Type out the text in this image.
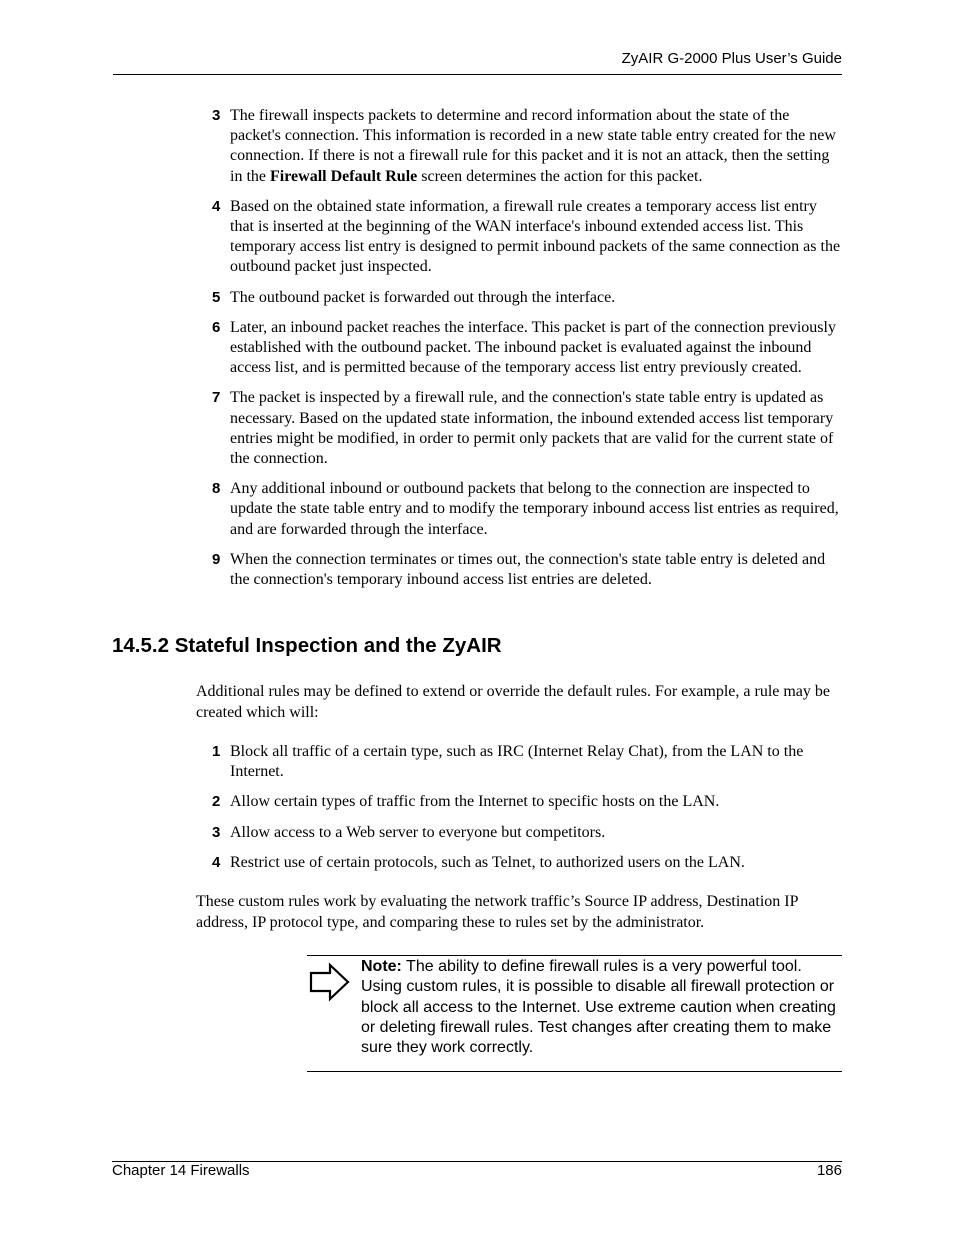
ZyAIR G-2000 Plus User’s Guide
3 The firewall inspects packets to determine and record information about the state of the packet's connection. This information is recorded in a new state table entry created for the new connection. If there is not a firewall rule for this packet and it is not an attack, then the setting in the Firewall Default Rule screen determines the action for this packet.
4 Based on the obtained state information, a firewall rule creates a temporary access list entry that is inserted at the beginning of the WAN interface's inbound extended access list. This temporary access list entry is designed to permit inbound packets of the same connection as the outbound packet just inspected.
5 The outbound packet is forwarded out through the interface.
6 Later, an inbound packet reaches the interface. This packet is part of the connection previously established with the outbound packet. The inbound packet is evaluated against the inbound access list, and is permitted because of the temporary access list entry previously created.
7 The packet is inspected by a firewall rule, and the connection's state table entry is updated as necessary. Based on the updated state information, the inbound extended access list temporary entries might be modified, in order to permit only packets that are valid for the current state of the connection.
8 Any additional inbound or outbound packets that belong to the connection are inspected to update the state table entry and to modify the temporary inbound access list entries as required, and are forwarded through the interface.
9 When the connection terminates or times out, the connection's state table entry is deleted and the connection's temporary inbound access list entries are deleted.
14.5.2 Stateful Inspection and the ZyAIR
Additional rules may be defined to extend or override the default rules. For example, a rule may be created which will:
1 Block all traffic of a certain type, such as IRC (Internet Relay Chat), from the LAN to the Internet.
2 Allow certain types of traffic from the Internet to specific hosts on the LAN.
3 Allow access to a Web server to everyone but competitors.
4 Restrict use of certain protocols, such as Telnet, to authorized users on the LAN.
These custom rules work by evaluating the network traffic’s Source IP address, Destination IP address, IP protocol type, and comparing these to rules set by the administrator.
Note: The ability to define firewall rules is a very powerful tool. Using custom rules, it is possible to disable all firewall protection or block all access to the Internet. Use extreme caution when creating or deleting firewall rules. Test changes after creating them to make sure they work correctly.
Chapter 14 Firewalls	186
